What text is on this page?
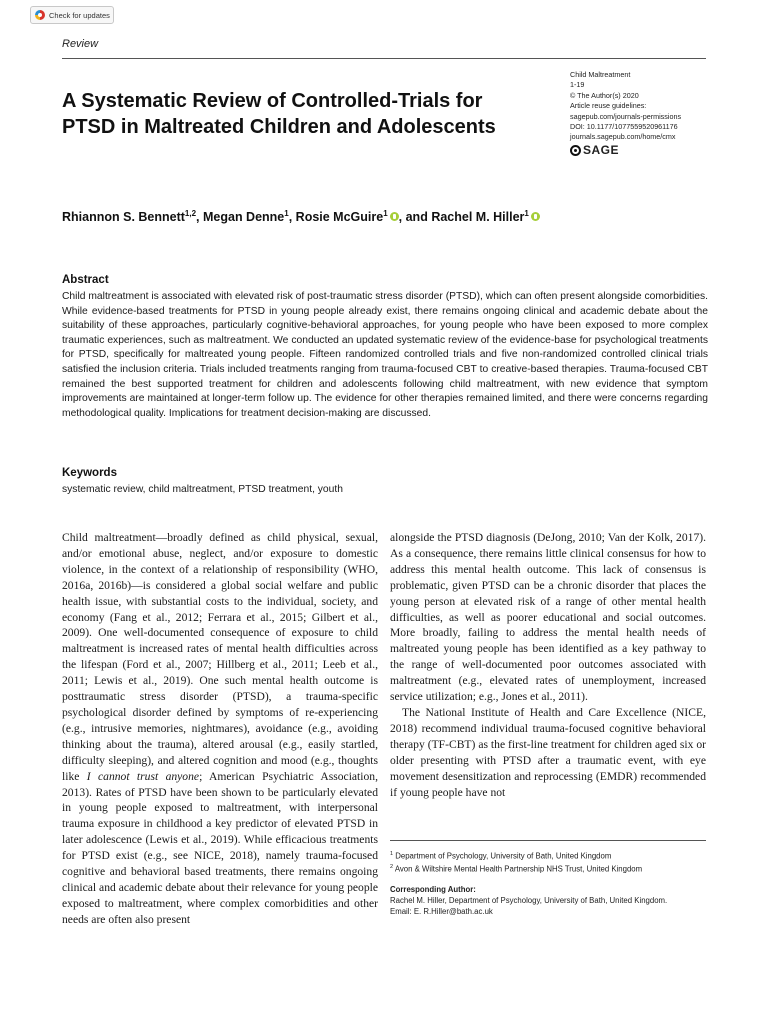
Check for updates
Review
A Systematic Review of Controlled-Trials for PTSD in Maltreated Children and Adolescents
Child Maltreatment
1-19
© The Author(s) 2020
Article reuse guidelines:
sagepub.com/journals-permissions
DOI: 10.1177/1077559520961176
journals.sagepub.com/home/cmx
SAGE
Rhiannon S. Bennett$^{1,2}$, Megan Denne$^1$, Rosie McGuire$^1$ , and Rachel M. Hiller$^1$
Abstract

Child maltreatment is associated with elevated risk of post-traumatic stress disorder (PTSD), which can often present alongside comorbidities. While evidence-based treatments for PTSD in young people already exist, there remains ongoing clinical and academic debate about the suitability of these approaches, particularly cognitive-behavioral approaches, for young people who have been exposed to more complex traumatic experiences, such as maltreatment. We conducted an updated systematic review of the evidence-base for psychological treatments for PTSD, specifically for maltreated young people. Fifteen randomized controlled trials and five non-randomized controlled clinical trials satisfied the inclusion criteria. Trials included treatments ranging from trauma-focused CBT to creative-based therapies. Trauma-focused CBT remained the best supported treatment for children and adolescents following child maltreatment, with new evidence that symptom improvements are maintained at longer-term follow up. The evidence for other therapies remained limited, and there were concerns regarding methodological quality. Implications for treatment decision-making are discussed.

Keywords
systematic review, child maltreatment, PTSD treatment, youth

Child maltreatment—broadly defined as child physical, sexual, and/or emotional abuse, neglect, and/or exposure to domestic violence, in the context of a relationship of responsibility (WHO, 2016a, 2016b)—is considered a global social welfare and public health issue, with substantial costs to the individual, society, and economy (Fang et al., 2012; Ferrara et al., 2015; Gilbert et al., 2009). One well-documented consequence of exposure to child maltreatment is increased rates of mental health difficulties across the lifespan (Ford et al., 2007; Hillberg et al., 2011; Leeb et al., 2011; Lewis et al., 2019). One such mental health outcome is posttraumatic stress disorder (PTSD), a trauma-specific psychological disorder defined by symptoms of re-experiencing (e.g., intrusive memories, nightmares), avoidance (e.g., avoiding thinking about the trauma), altered arousal (e.g., easily startled, difficulty sleeping), and altered cognition and mood (e.g., thoughts like I cannot trust anyone; American Psychiatric Association, 2013). Rates of PTSD have been shown to be particularly elevated in young people exposed to maltreatment, with interpersonal trauma exposure in childhood a key predictor of elevated PTSD in later adolescence (Lewis et al., 2019). While efficacious treatments for PTSD exist (e.g., see NICE, 2018), namely trauma-focused cognitive and behavioral based treatments, there remains ongoing clinical and academic debate about their relevance for young people exposed to maltreatment, where complex comorbidities and other needs are often also present

alongside the PTSD diagnosis (DeJong, 2010; Van der Kolk, 2017). As a consequence, there remains little clinical consensus for how to address this mental health outcome. This lack of consensus is problematic, given PTSD can be a chronic disorder that places the young person at elevated risk of a range of other mental health difficulties, as well as poorer educational and social outcomes. More broadly, failing to address the mental health needs of maltreated young people has been identified as a key pathway to the range of well-documented poor outcomes associated with maltreatment (e.g., elevated rates of unemployment, increased service utilization; e.g., Jones et al., 2011).

The National Institute of Health and Care Excellence (NICE, 2018) recommend individual trauma-focused cognitive behavioral therapy (TF-CBT) as the first-line treatment for children aged six or older presenting with PTSD after a traumatic event, with eye movement desensitization and reprocessing (EMDR) recommended if young people have not

$^1$ Department of Psychology, University of Bath, United Kingdom

$^2$ Avon & Wiltshire Mental Health Partnership NHS Trust, United Kingdom

Corresponding Author:

Rachel M. Hiller, Department of Psychology, University of Bath, United Kingdom.

Email: E. R.Hiller@bath.ac.uk
